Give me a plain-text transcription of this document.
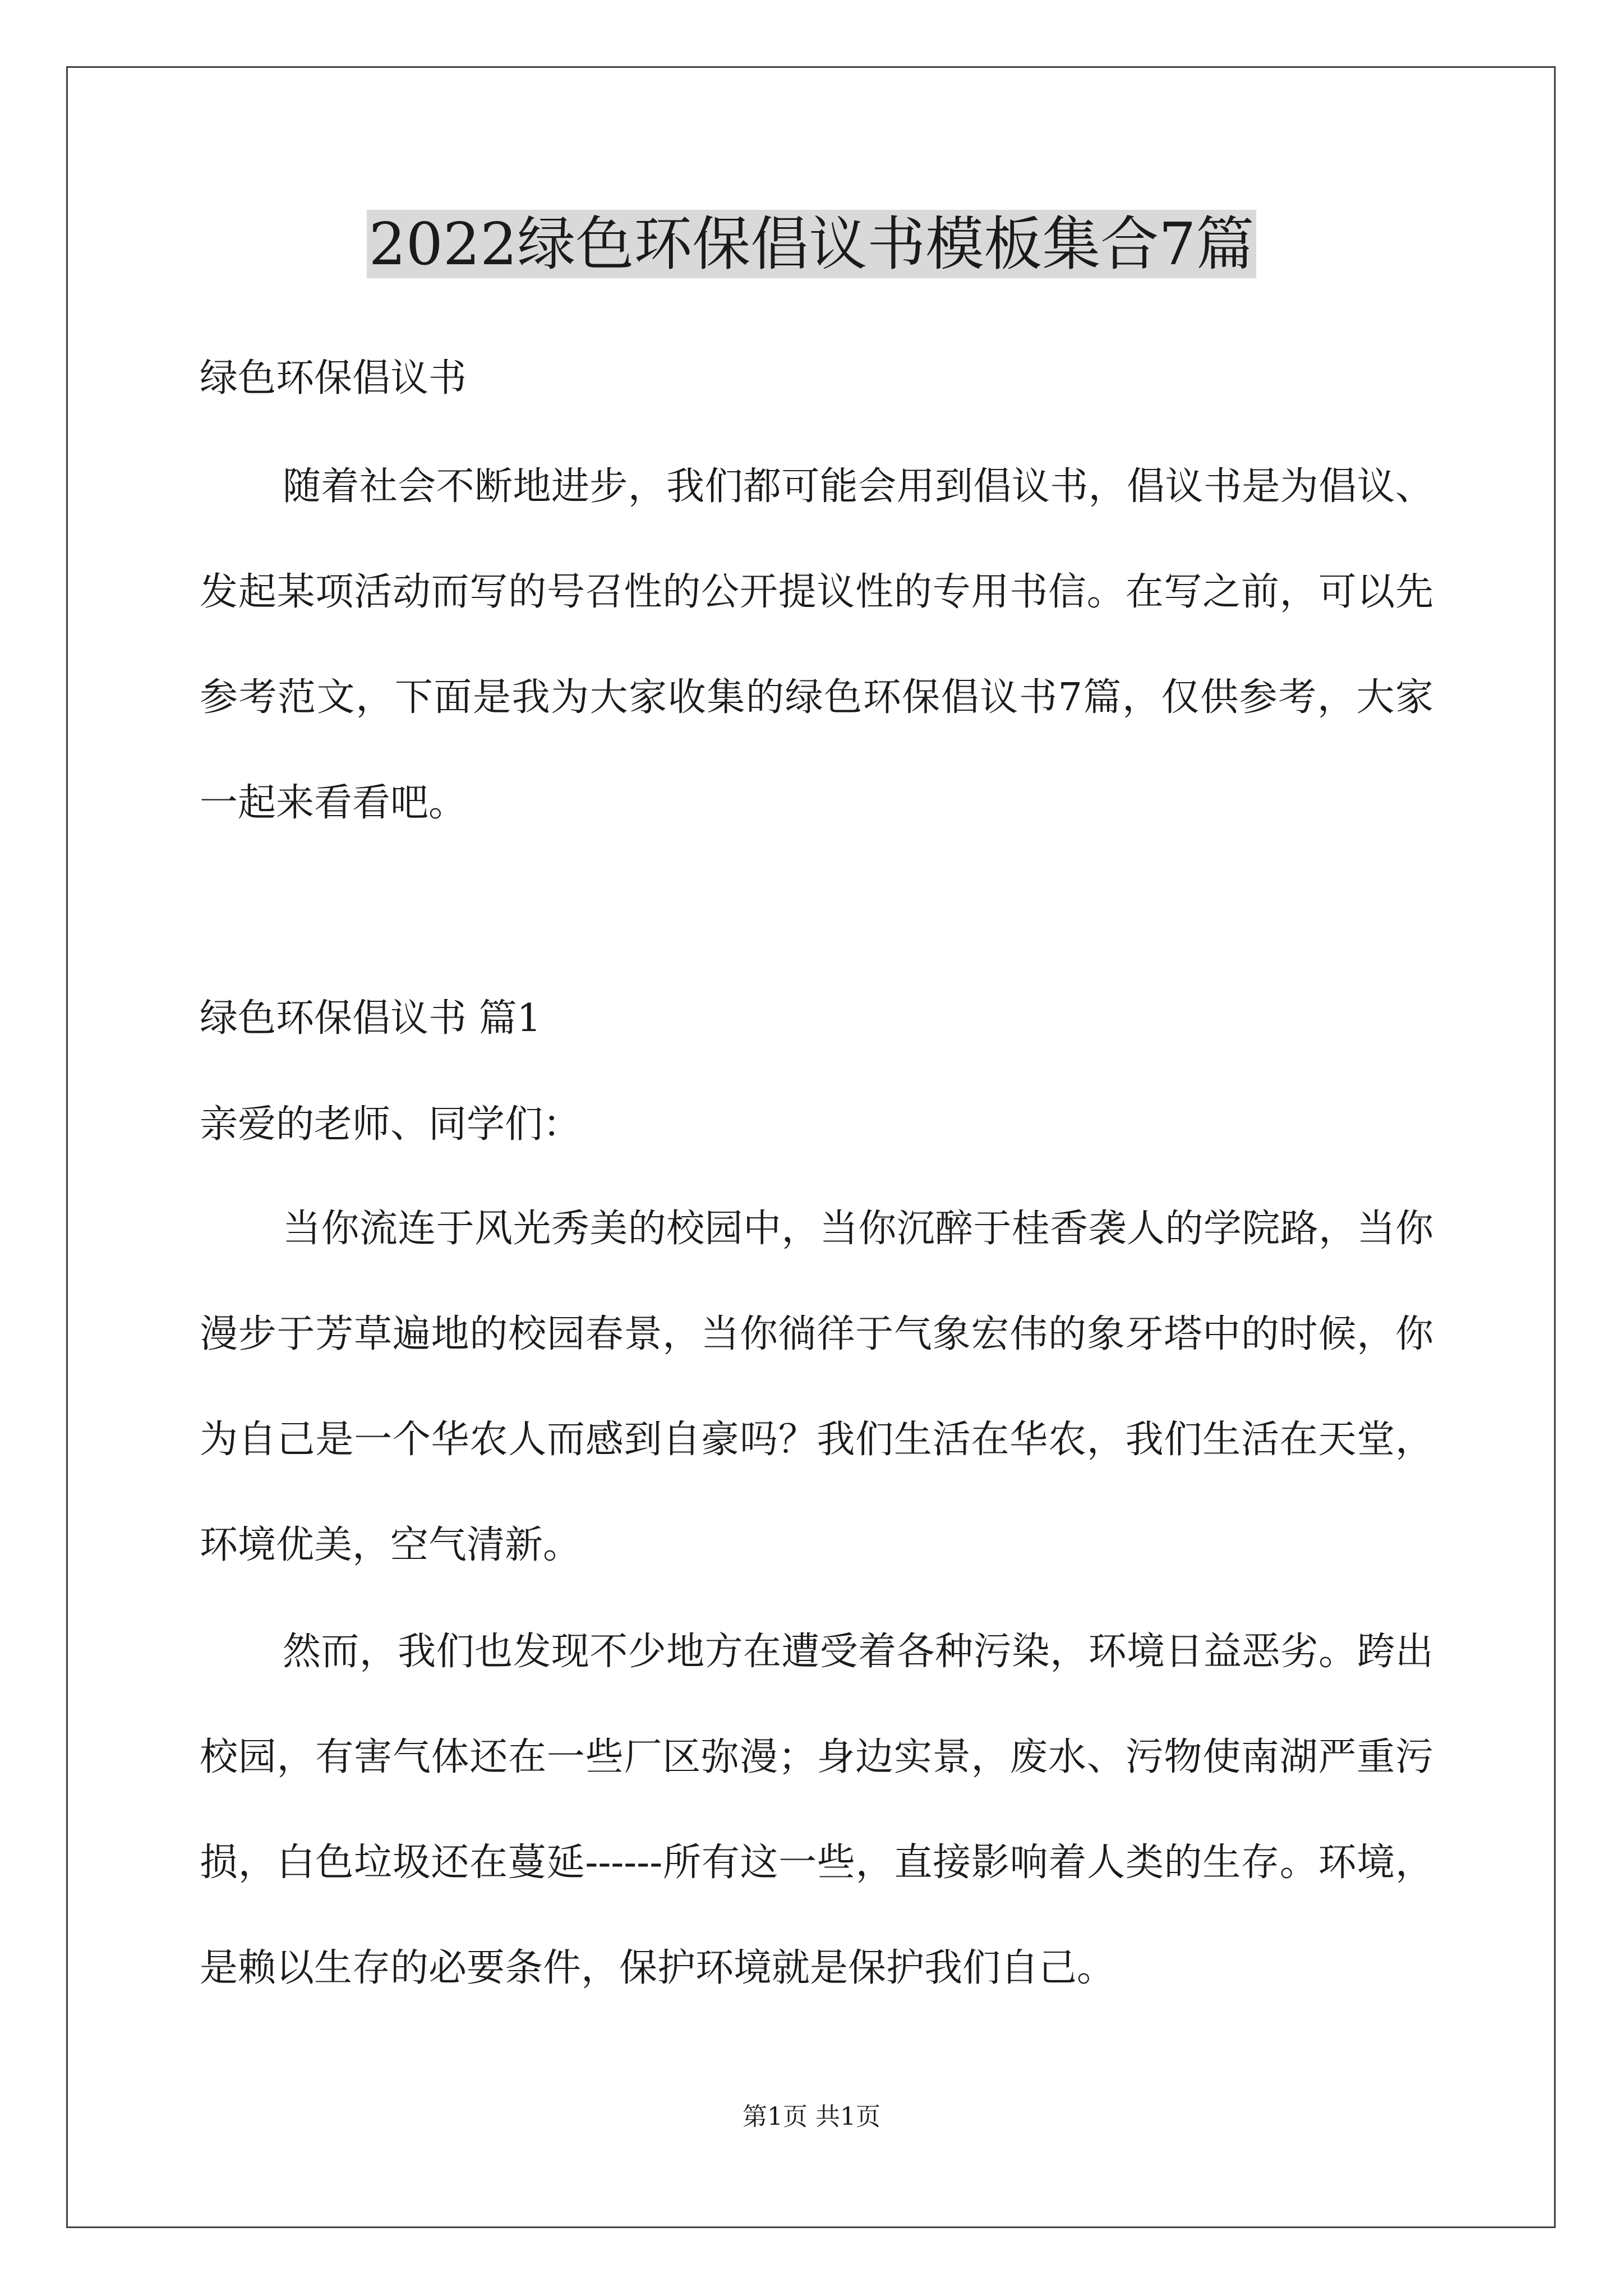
2022绿色环保倡议书模板集合7篇

绿色环保倡议书

随着社会不断地进步，我们都可能会用到倡议书，倡议书是为倡议、发起某项活动而写的号召性的公开提议性的专用书信。在写之前，可以先参考范文，下面是我为大家收集的绿色环保倡议书7篇，仅供参考，大家一起来看看吧。

绿色环保倡议书 篇1

亲爱的老师、同学们：

当你流连于风光秀美的校园中，当你沉醉于桂香袭人的学院路，当你漫步于芳草遍地的校园春景，当你徜徉于气象宏伟的象牙塔中的时候，你为自己是一个华农人而感到自豪吗？我们生活在华农，我们生活在天堂，环境优美，空气清新。

然而，我们也发现不少地方在遭受着各种污染，环境日益恶劣。跨出校园，有害气体还在一些厂区弥漫；身边实景，废水、污物使南湖严重污损，白色垃圾还在蔓延------所有这一些，直接影响着人类的生存。环境，是赖以生存的必要条件，保护环境就是保护我们自己。

第1页 共1页
